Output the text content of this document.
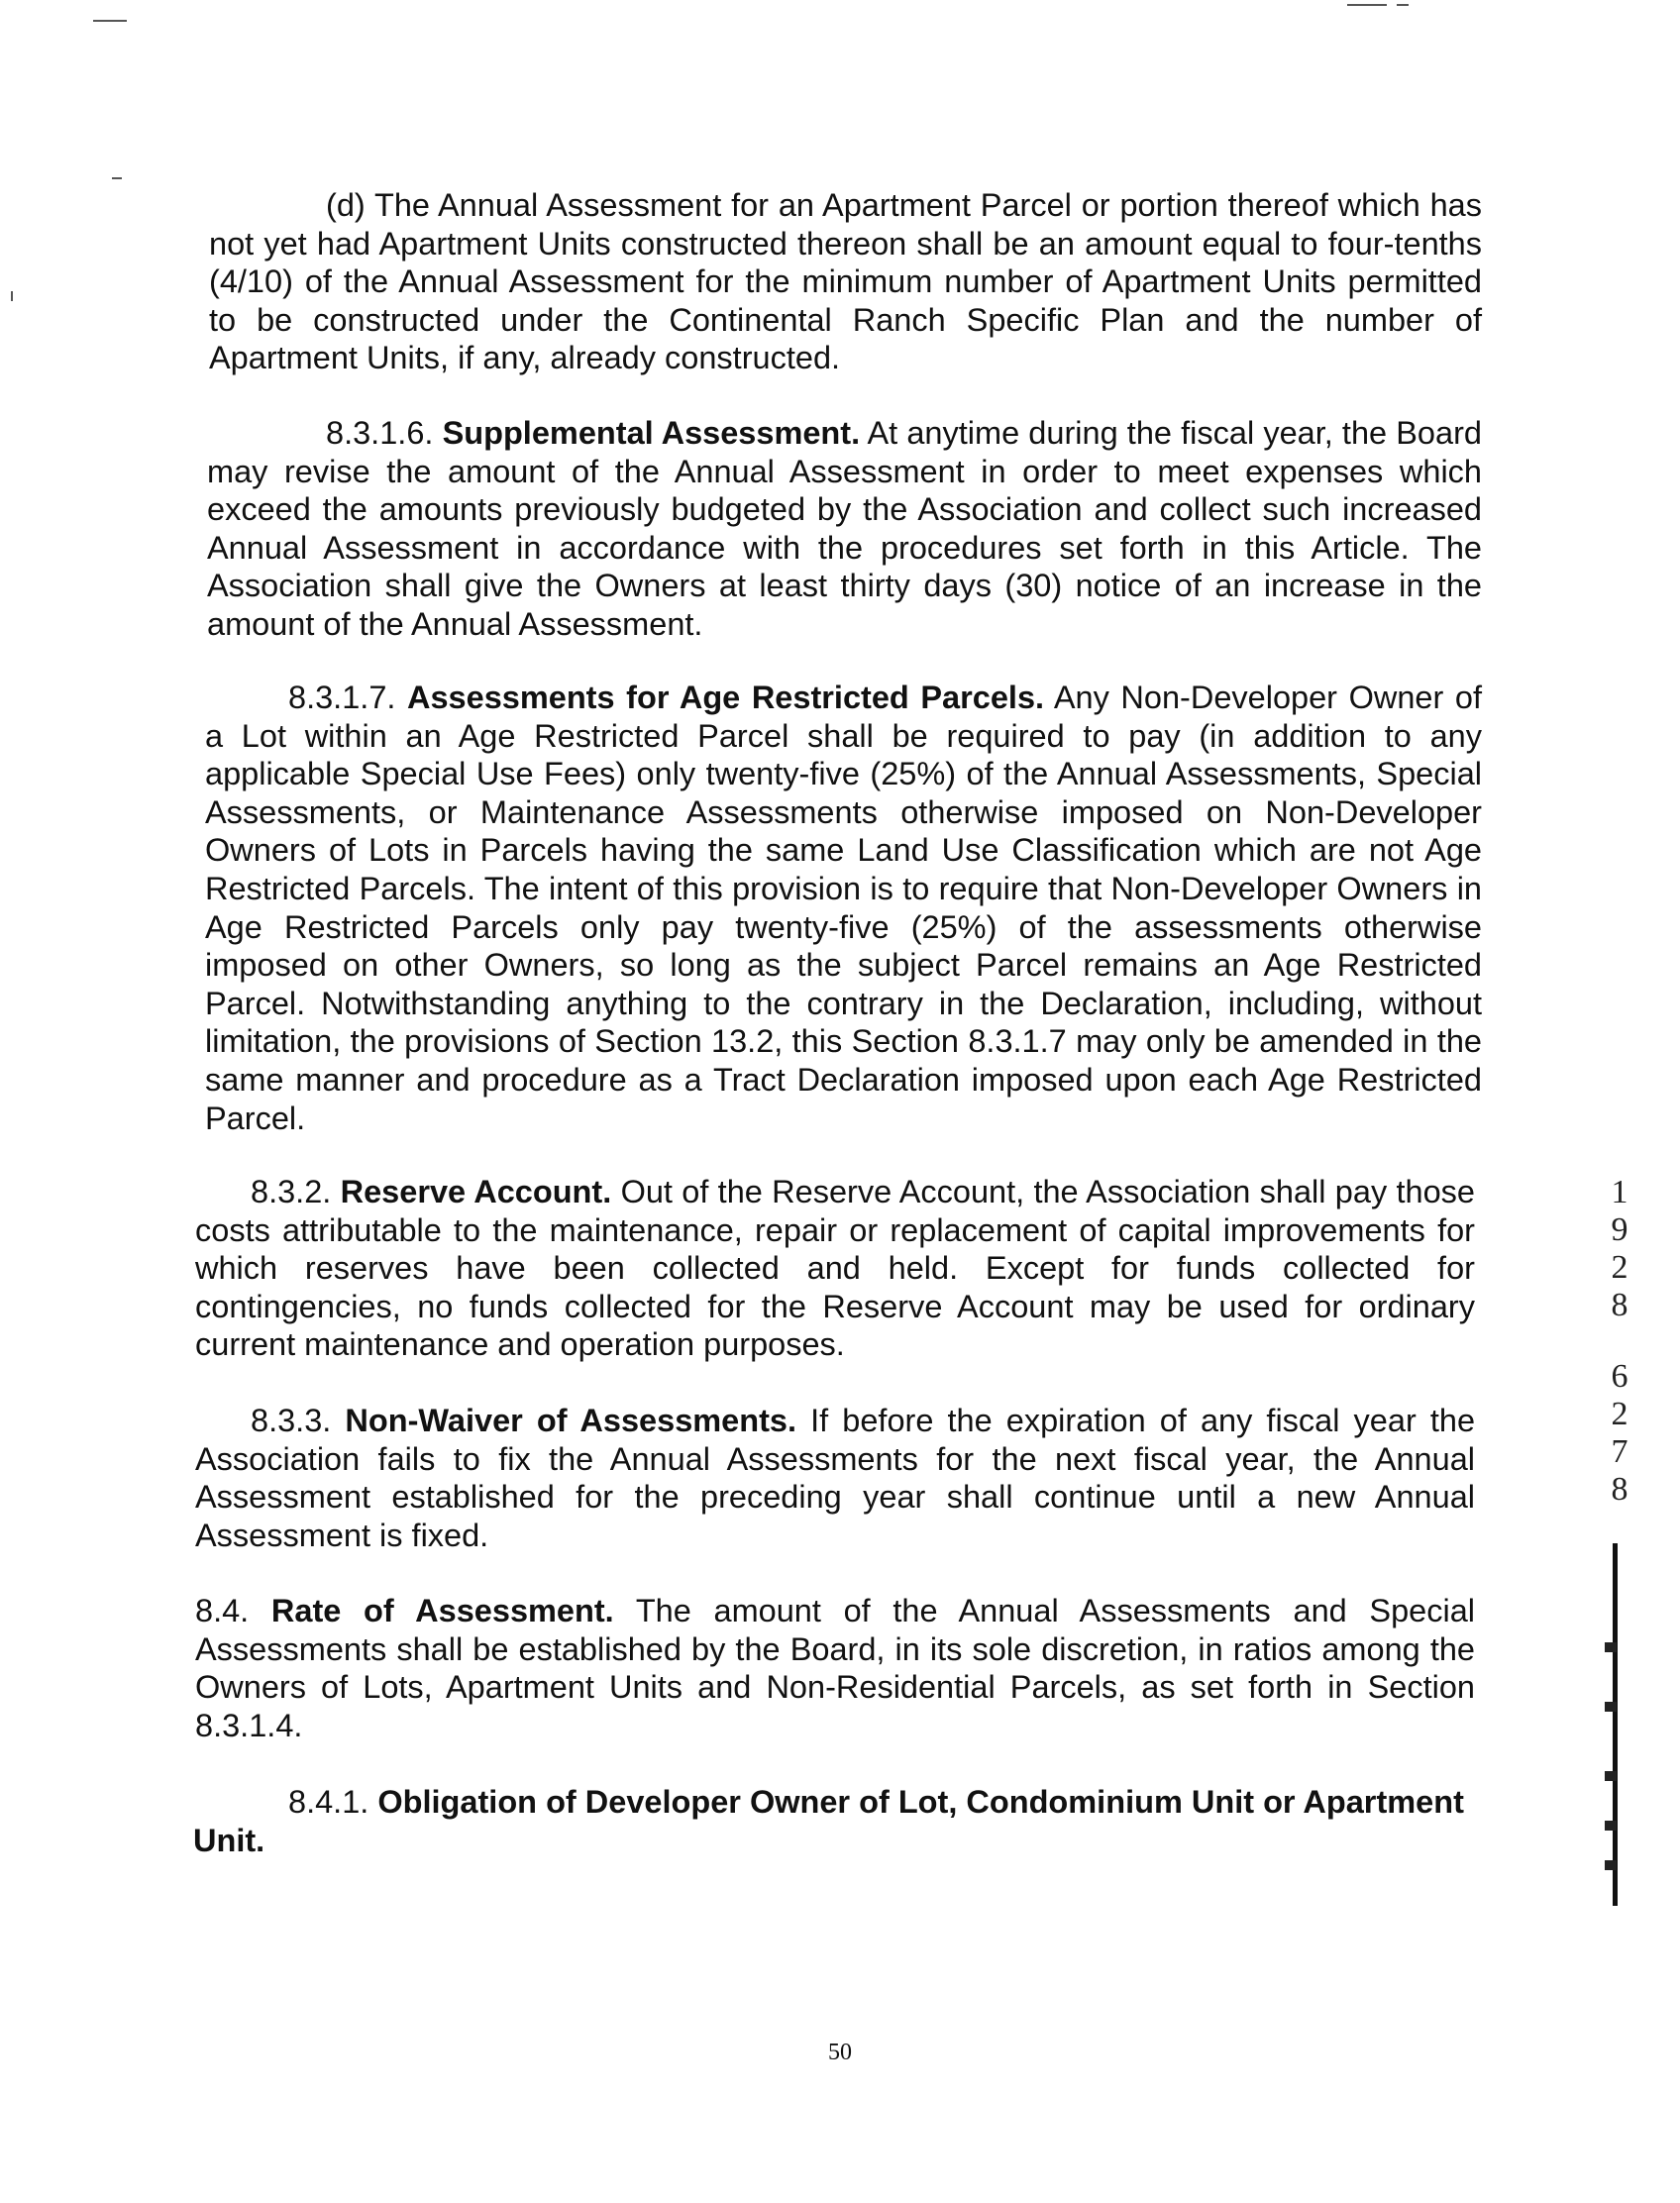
(d) The Annual Assessment for an Apartment Parcel or portion thereof which has not yet had Apartment Units constructed thereon shall be an amount equal to four-tenths (4/10) of the Annual Assessment for the minimum number of Apartment Units permitted to be constructed under the Continental Ranch Specific Plan and the number of Apartment Units, if any, already constructed.

8.3.1.6. Supplemental Assessment. At anytime during the fiscal year, the Board may revise the amount of the Annual Assessment in order to meet expenses which exceed the amounts previously budgeted by the Association and collect such increased Annual Assessment in accordance with the procedures set forth in this Article. The Association shall give the Owners at least thirty days (30) notice of an increase in the amount of the Annual Assessment.

8.3.1.7. Assessments for Age Restricted Parcels. Any Non-Developer Owner of a Lot within an Age Restricted Parcel shall be required to pay (in addition to any applicable Special Use Fees) only twenty-five (25%) of the Annual Assessments, Special Assessments, or Maintenance Assessments otherwise imposed on Non-Developer Owners of Lots in Parcels having the same Land Use Classification which are not Age Restricted Parcels. The intent of this provision is to require that Non-Developer Owners in Age Restricted Parcels only pay twenty-five (25%) of the assessments otherwise imposed on other Owners, so long as the subject Parcel remains an Age Restricted Parcel. Notwithstanding anything to the contrary in the Declaration, including, without limitation, the provisions of Section 13.2, this Section 8.3.1.7 may only be amended in the same manner and procedure as a Tract Declaration imposed upon each Age Restricted Parcel.

8.3.2. Reserve Account. Out of the Reserve Account, the Association shall pay those costs attributable to the maintenance, repair or replacement of capital improvements for which reserves have been collected and held. Except for funds collected for contingencies, no funds collected for the Reserve Account may be used for ordinary current maintenance and operation purposes.

8.3.3. Non-Waiver of Assessments. If before the expiration of any fiscal year the Association fails to fix the Annual Assessments for the next fiscal year, the Annual Assessment established for the preceding year shall continue until a new Annual Assessment is fixed.

8.4. Rate of Assessment. The amount of the Annual Assessments and Special Assessments shall be established by the Board, in its sole discretion, in ratios among the Owners of Lots, Apartment Units and Non-Residential Parcels, as set forth in Section 8.3.1.4.

8.4.1. Obligation of Developer Owner of Lot, Condominium Unit or Apartment Unit.

1
9
2
8
6
2
7
8
50
